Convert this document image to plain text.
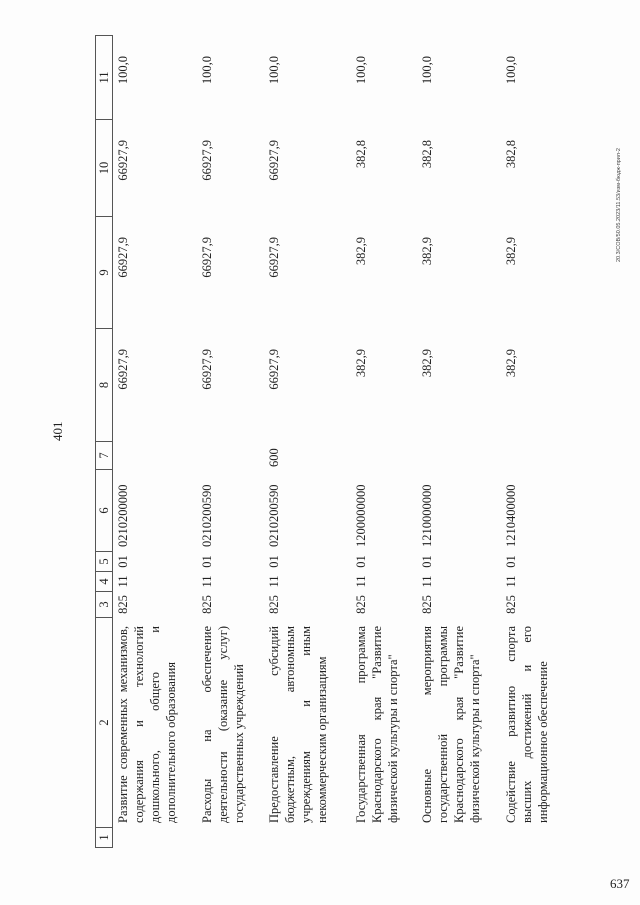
401
20.3/COB/50.05.2023/11.53/изм-бюдж-прил-2
637
1	2	3	4	5	6	7	8	9	10	11
	Развитие современных механизмов, содержания и технологий дошкольного, общего и дополнительного образования	825	11	01	0210200000		66927,9	66927,9	66927,9	100,0
	Расходы на обеспечение деятельности (оказание услуг) государственных учреждений	825	11	01	0210200590		66927,9	66927,9	66927,9	100,0
	Предоставление субсидий бюджетным, автономным учреждениям и иным некоммерческим организациям	825	11	01	0210200590	600	66927,9	66927,9	66927,9	100,0
	Государственная программа Краснодарского края "Развитие физической культуры и спорта"	825	11	01	1200000000		382,9	382,9	382,8	100,0
	Основные мероприятия государственной программы Краснодарского края "Развитие физической культуры и спорта"	825	11	01	1210000000		382,9	382,9	382,8	100,0
	Содействие развитию спорта высших достижений и его информационное обеспечение	825	11	01	1210400000		382,9	382,9	382,8	100,0
